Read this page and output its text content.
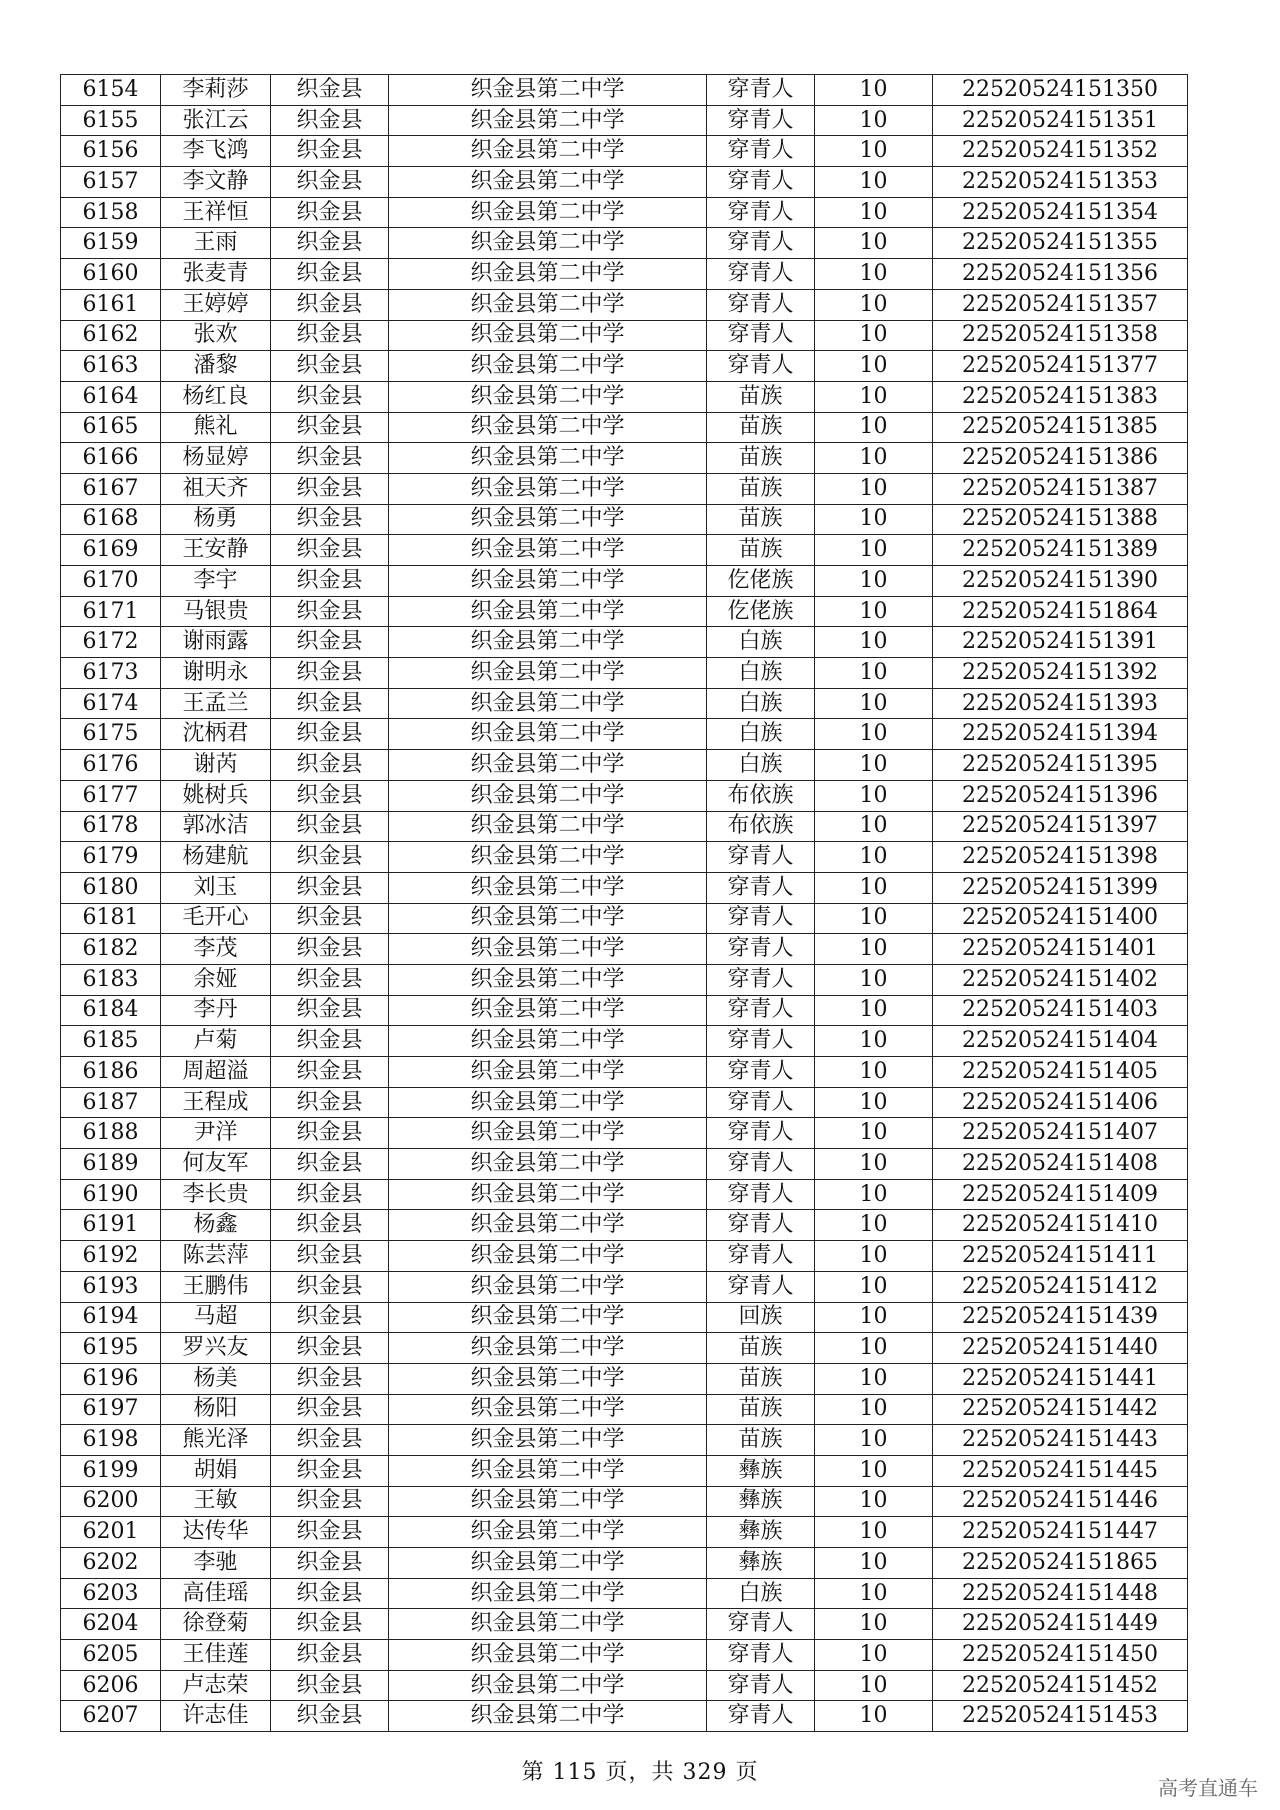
6154	李莉莎	织金县	织金县第二中学	穿青人	10	22520524151350
6155	张江云	织金县	织金县第二中学	穿青人	10	22520524151351
6156	李飞鸿	织金县	织金县第二中学	穿青人	10	22520524151352
6157	李文静	织金县	织金县第二中学	穿青人	10	22520524151353
6158	王祥恒	织金县	织金县第二中学	穿青人	10	22520524151354
6159	王雨	织金县	织金县第二中学	穿青人	10	22520524151355
6160	张麦青	织金县	织金县第二中学	穿青人	10	22520524151356
6161	王婷婷	织金县	织金县第二中学	穿青人	10	22520524151357
6162	张欢	织金县	织金县第二中学	穿青人	10	22520524151358
6163	潘黎	织金县	织金县第二中学	穿青人	10	22520524151377
6164	杨红良	织金县	织金县第二中学	苗族	10	22520524151383
6165	熊礼	织金县	织金县第二中学	苗族	10	22520524151385
6166	杨显婷	织金县	织金县第二中学	苗族	10	22520524151386
6167	祖天齐	织金县	织金县第二中学	苗族	10	22520524151387
6168	杨勇	织金县	织金县第二中学	苗族	10	22520524151388
6169	王安静	织金县	织金县第二中学	苗族	10	22520524151389
6170	李宇	织金县	织金县第二中学	仡佬族	10	22520524151390
6171	马银贵	织金县	织金县第二中学	仡佬族	10	22520524151864
6172	谢雨露	织金县	织金县第二中学	白族	10	22520524151391
6173	谢明永	织金县	织金县第二中学	白族	10	22520524151392
6174	王孟兰	织金县	织金县第二中学	白族	10	22520524151393
6175	沈柄君	织金县	织金县第二中学	白族	10	22520524151394
6176	谢芮	织金县	织金县第二中学	白族	10	22520524151395
6177	姚树兵	织金县	织金县第二中学	布依族	10	22520524151396
6178	郭冰洁	织金县	织金县第二中学	布依族	10	22520524151397
6179	杨建航	织金县	织金县第二中学	穿青人	10	22520524151398
6180	刘玉	织金县	织金县第二中学	穿青人	10	22520524151399
6181	毛开心	织金县	织金县第二中学	穿青人	10	22520524151400
6182	李茂	织金县	织金县第二中学	穿青人	10	22520524151401
6183	余娅	织金县	织金县第二中学	穿青人	10	22520524151402
6184	李丹	织金县	织金县第二中学	穿青人	10	22520524151403
6185	卢菊	织金县	织金县第二中学	穿青人	10	22520524151404
6186	周超溢	织金县	织金县第二中学	穿青人	10	22520524151405
6187	王程成	织金县	织金县第二中学	穿青人	10	22520524151406
6188	尹洋	织金县	织金县第二中学	穿青人	10	22520524151407
6189	何友军	织金县	织金县第二中学	穿青人	10	22520524151408
6190	李长贵	织金县	织金县第二中学	穿青人	10	22520524151409
6191	杨鑫	织金县	织金县第二中学	穿青人	10	22520524151410
6192	陈芸萍	织金县	织金县第二中学	穿青人	10	22520524151411
6193	王鹏伟	织金县	织金县第二中学	穿青人	10	22520524151412
6194	马超	织金县	织金县第二中学	回族	10	22520524151439
6195	罗兴友	织金县	织金县第二中学	苗族	10	22520524151440
6196	杨美	织金县	织金县第二中学	苗族	10	22520524151441
6197	杨阳	织金县	织金县第二中学	苗族	10	22520524151442
6198	熊光泽	织金县	织金县第二中学	苗族	10	22520524151443
6199	胡娟	织金县	织金县第二中学	彝族	10	22520524151445
6200	王敏	织金县	织金县第二中学	彝族	10	22520524151446
6201	达传华	织金县	织金县第二中学	彝族	10	22520524151447
6202	李驰	织金县	织金县第二中学	彝族	10	22520524151865
6203	高佳瑶	织金县	织金县第二中学	白族	10	22520524151448
6204	徐登菊	织金县	织金县第二中学	穿青人	10	22520524151449
6205	王佳莲	织金县	织金县第二中学	穿青人	10	22520524151450
6206	卢志荣	织金县	织金县第二中学	穿青人	10	22520524151452
6207	许志佳	织金县	织金县第二中学	穿青人	10	22520524151453
第 115 页，共 329 页
高考直通车
